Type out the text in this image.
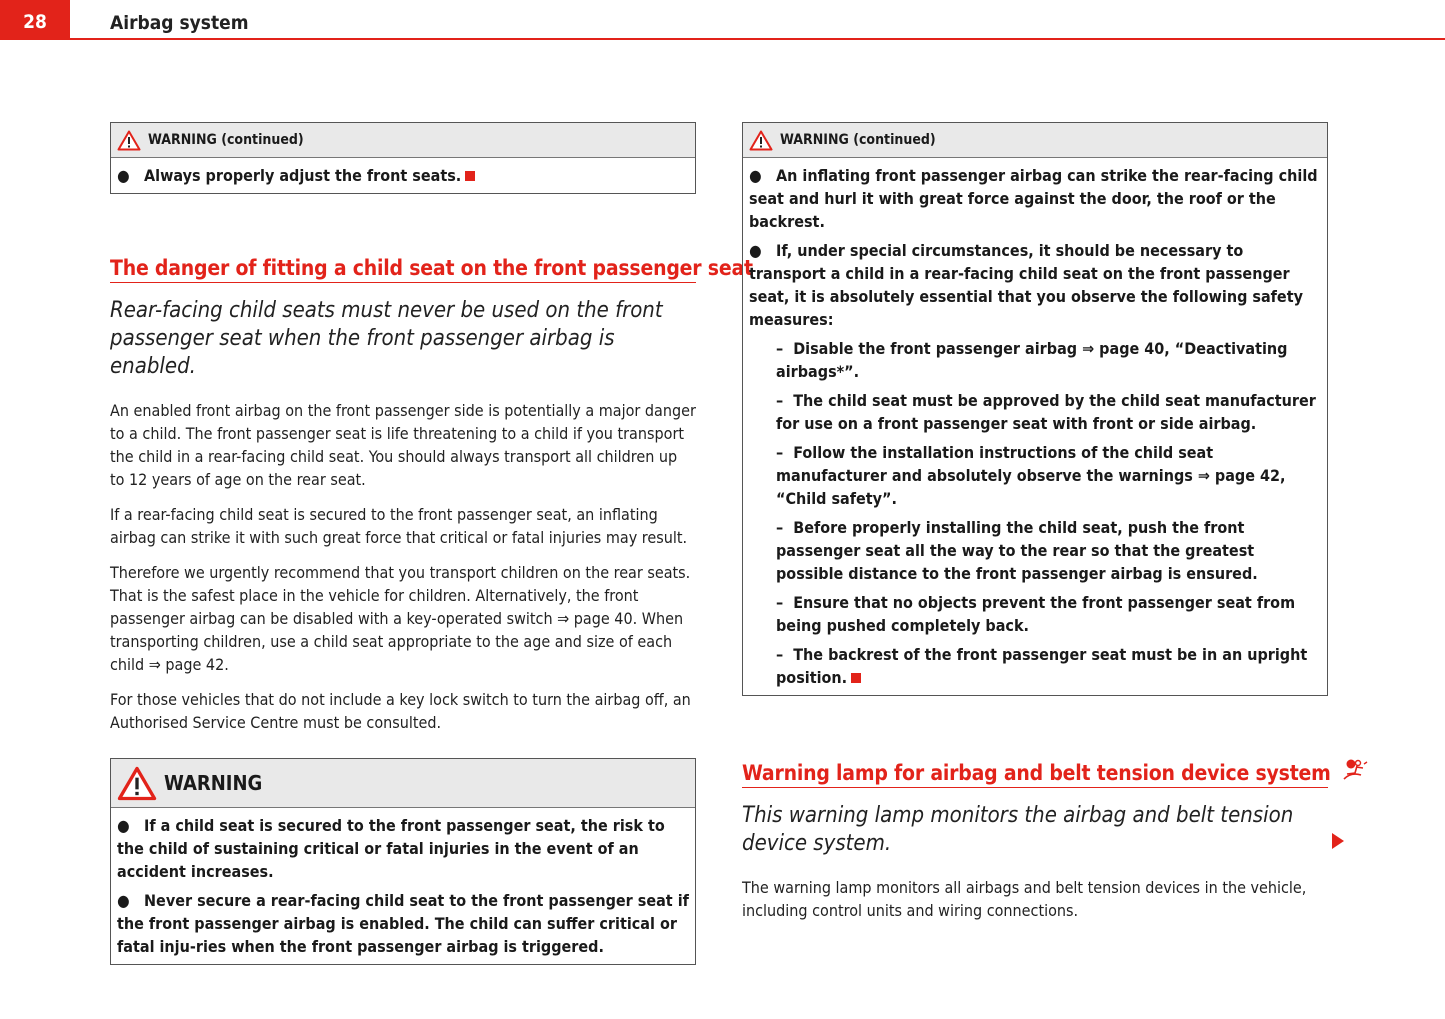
28	Airbag system
WARNING (continued)

● Always properly adjust the front seats.

The danger of fitting a child seat on the front passenger seat
Rear-facing child seats must never be used on the front passenger seat when the front passenger airbag is enabled.

An enabled front airbag on the front passenger side is potentially a major danger to a child. The front passenger seat is life threatening to a child if you transport the child in a rear-facing child seat. You should always transport all children up to 12 years of age on the rear seat.

If a rear-facing child seat is secured to the front passenger seat, an inflating airbag can strike it with such great force that critical or fatal injuries may result.

Therefore we urgently recommend that you transport children on the rear seats. That is the safest place in the vehicle for children. Alternatively, the front passenger airbag can be disabled with a key-operated switch ⇒ page 40. When transporting children, use a child seat appropriate to the age and size of each child ⇒ page 42.

For those vehicles that do not include a key lock switch to turn the airbag off, an Authorised Service Centre must be consulted.

WARNING

● If a child seat is secured to the front passenger seat, the risk to the child of sustaining critical or fatal injuries in the event of an accident increases.

● Never secure a rear-facing child seat to the front passenger seat if the front passenger airbag is enabled. The child can suffer critical or fatal inju-ries when the front passenger airbag is triggered.

WARNING (continued)

● An inflating front passenger airbag can strike the rear-facing child seat and hurl it with great force against the door, the roof or the backrest.

● If, under special circumstances, it should be necessary to transport a child in a rear-facing child seat on the front passenger seat, it is absolutely essential that you observe the following safety measures:

–  Disable the front passenger airbag ⇒ page 40, “Deactivating airbags*”.

–  The child seat must be approved by the child seat manufacturer for use on a front passenger seat with front or side airbag.

–  Follow the installation instructions of the child seat manufacturer and absolutely observe the warnings ⇒ page 42, “Child safety”.

–  Before properly installing the child seat, push the front passenger seat all the way to the rear so that the greatest possible distance to the front passenger airbag is ensured.

–  Ensure that no objects prevent the front passenger seat from being pushed completely back.

–  The backrest of the front passenger seat must be in an upright position.

Warning lamp for airbag and belt tension device system
This warning lamp monitors the airbag and belt tension device system.

The warning lamp monitors all airbags and belt tension devices in the vehicle, including control units and wiring connections.
